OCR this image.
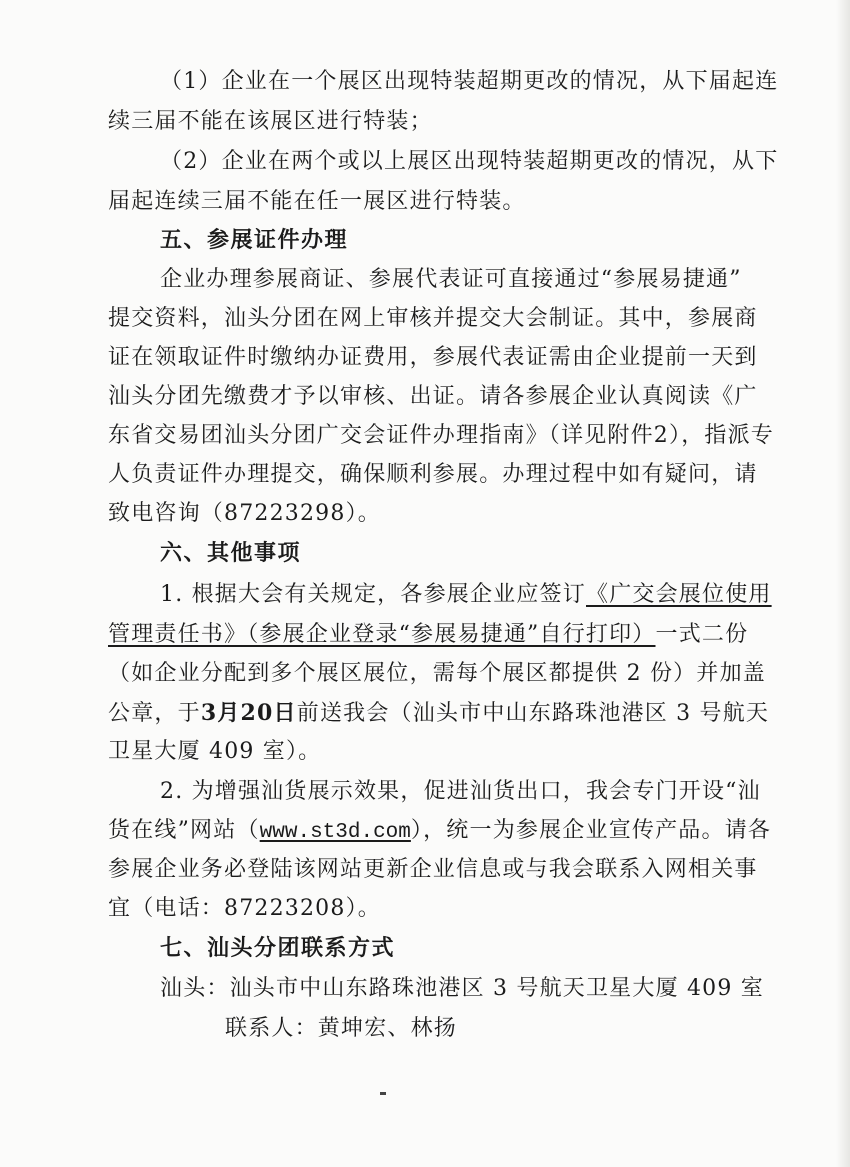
（1）企业在一个展区出现特装超期更改的情况，从下届起连
续三届不能在该展区进行特装；
（2）企业在两个或以上展区出现特装超期更改的情况，从下
届起连续三届不能在任一展区进行特装。
五、参展证件办理
企业办理参展商证、参展代表证可直接通过“参展易捷通”
提交资料，汕头分团在网上审核并提交大会制证。其中，参展商
证在领取证件时缴纳办证费用，参展代表证需由企业提前一天到
汕头分团先缴费才予以审核、出证。请各参展企业认真阅读《广
东省交易团汕头分团广交会证件办理指南》（详见附件2），指派专
人负责证件办理提交，确保顺利参展。办理过程中如有疑问，请
致电咨询（87223298）。
六、其他事项
1. 根据大会有关规定，各参展企业应签订《广交会展位使用
管理责任书》（参展企业登录“参展易捷通”自行打印）一式二份
（如企业分配到多个展区展位，需每个展区都提供 2 份）并加盖
公章，于3月20日前送我会（汕头市中山东路珠池港区 3 号航天
卫星大厦 409 室）。
2. 为增强汕货展示效果，促进汕货出口，我会专门开设“汕
货在线”网站（www.st3d.com），统一为参展企业宣传产品。请各
参展企业务必登陆该网站更新企业信息或与我会联系入网相关事
宜（电话：87223208）。
七、汕头分团联系方式
汕头：汕头市中山东路珠池港区 3 号航天卫星大厦 409 室
联系人：黄坤宏、林扬
